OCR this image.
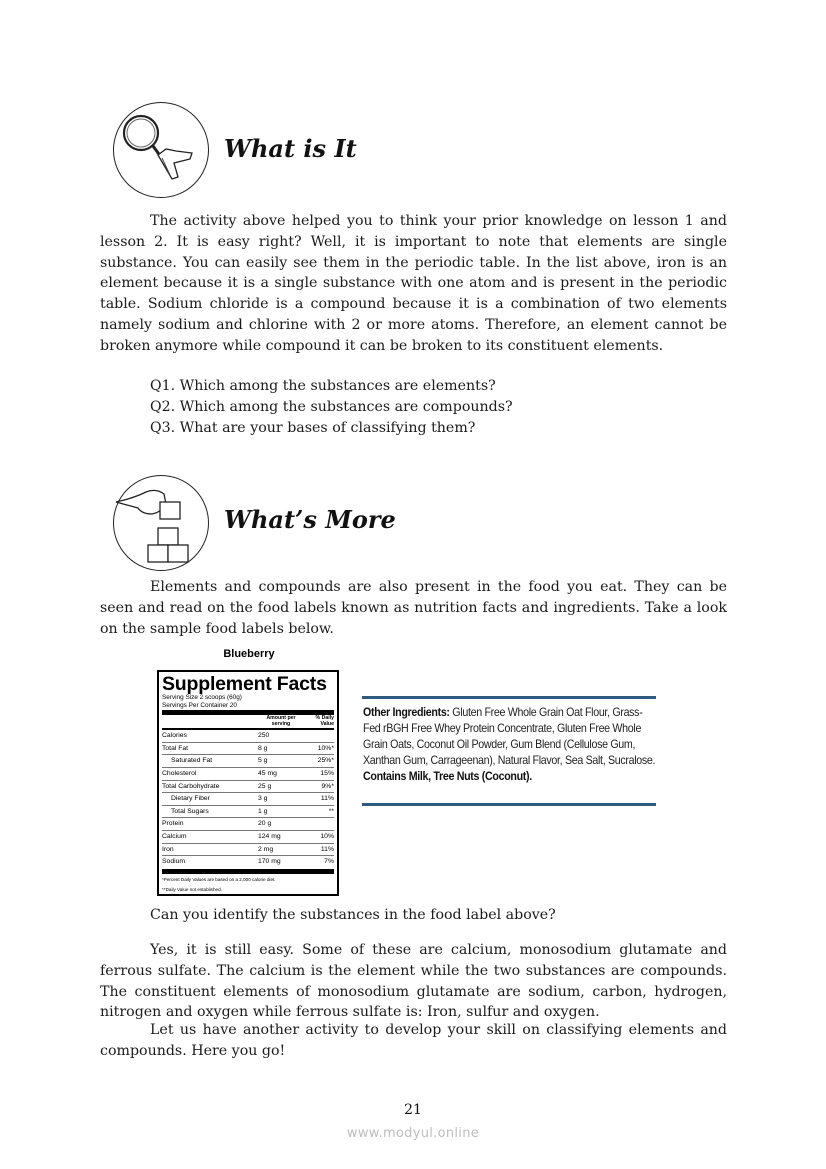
What is It
The activity above helped you to think your prior knowledge on lesson 1 and lesson 2. It is easy right? Well, it is important to note that elements are single substance. You can easily see them in the periodic table. In the list above, iron is an element because it is a single substance with one atom and is present in the periodic table. Sodium chloride is a compound because it is a combination of two elements namely sodium and chlorine with 2 or more atoms. Therefore, an element cannot be broken anymore while compound it can be broken to its constituent elements.
Q1. Which among the substances are elements?
Q2. Which among the substances are compounds?
Q3. What are your bases of classifying them?
What’s More
Elements and compounds are also present in the food you eat. They can be seen and read on the food labels known as nutrition facts and ingredients. Take a look on the sample food labels below.
Blueberry
Supplement Facts
Serving Size 2 scoops (60g)
Servings Per Container 20
Amount per serving
% Daily Value
Calories	250
Total Fat	8 g	10%*
Saturated Fat	5 g	25%*
Cholesterol	45 mg	15%
Total Carbohydrate	25 g	9%*
Dietary Fiber	3 g	11%
Total Sugars	1 g	**
Protein	20 g
Calcium	124 mg	10%
Iron	2 mg	11%
Sodium	170 mg	7%
*Percent Daily Values are based on a 2,000 calorie diet.
**Daily Value not established.
Other Ingredients: Gluten Free Whole Grain Oat Flour, Grass-Fed rBGH Free Whey Protein Concentrate, Gluten Free Whole Grain Oats, Coconut Oil Powder, Gum Blend (Cellulose Gum, Xanthan Gum, Carrageenan), Natural Flavor, Sea Salt, Sucralose.
Contains Milk, Tree Nuts (Coconut).
Can you identify the substances in the food label above?
Yes, it is still easy. Some of these are calcium, monosodium glutamate and ferrous sulfate. The calcium is the element while the two substances are compounds. The constituent elements of monosodium glutamate are sodium, carbon, hydrogen, nitrogen and oxygen while ferrous sulfate is: Iron, sulfur and oxygen.
Let us have another activity to develop your skill on classifying elements and compounds. Here you go!
21
www.modyul.online
